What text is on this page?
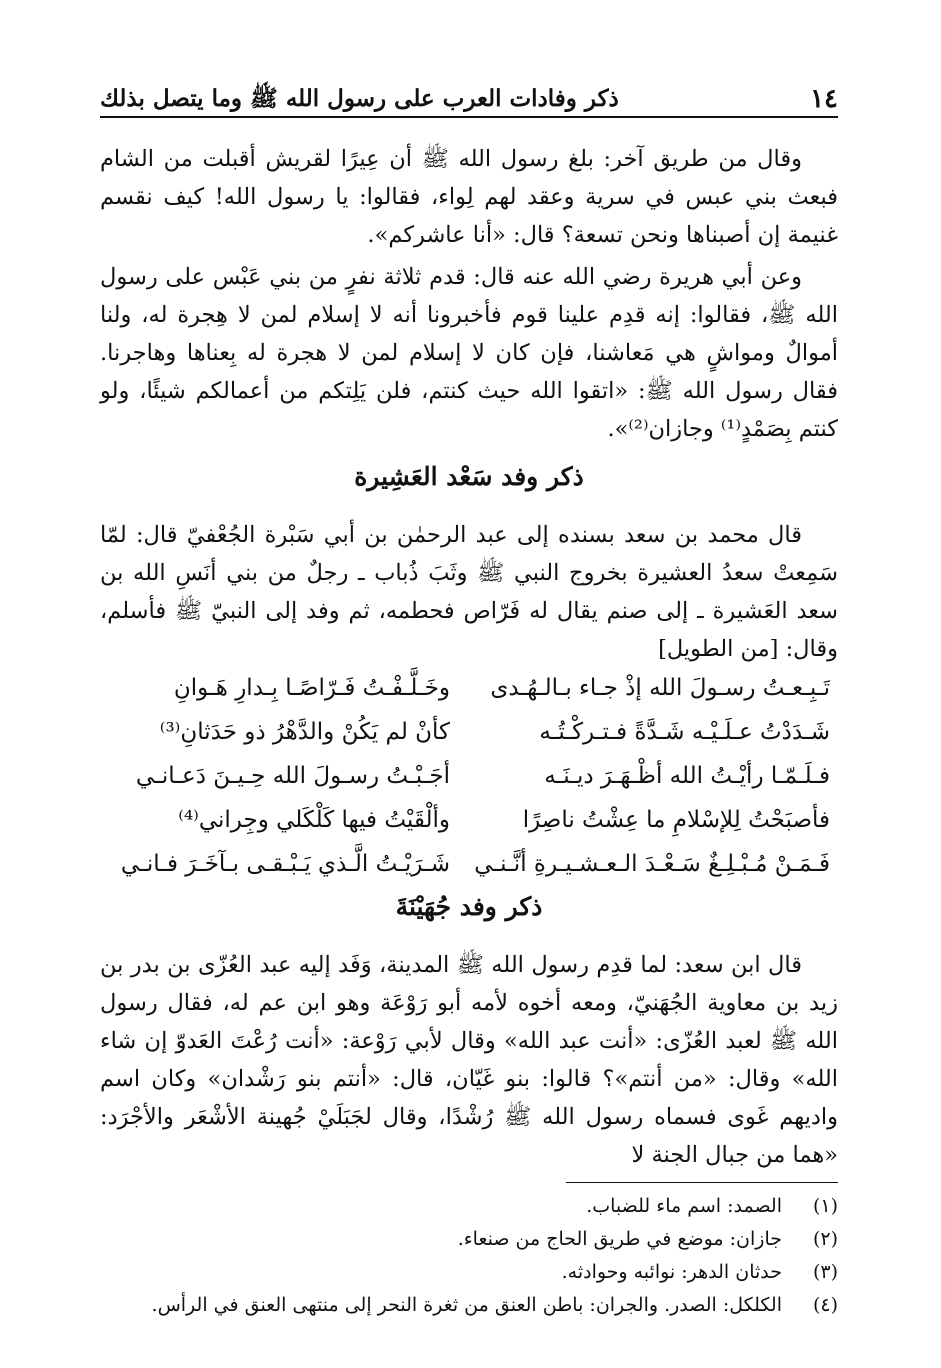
١٤
ذكر وفادات العرب على رسول الله ﷺ وما يتصل بذلك

وقال من طريق آخر: بلغ رسول الله ﷺ أن عِيرًا لقريش أقبلت من الشام فبعث بني عبس في سرية وعقد لهم لِواء، فقالوا: يا رسول الله! كيف نقسم غنيمة إن أصبناها ونحن تسعة؟ قال: «أنا عاشركم».

وعن أبي هريرة رضي الله عنه قال: قدم ثلاثة نفرٍ من بني عَبْس على رسول الله ﷺ، فقالوا: إنه قدِم علينا قوم فأخبرونا أنه لا إسلام لمن لا هِجرة له، ولنا أموالٌ ومواشٍ هي مَعاشنا، فإن كان لا إسلام لمن لا هجرة له بِعناها وهاجرنا. فقال رسول الله ﷺ: «اتقوا الله حيث كنتم، فلن يَلِتكم من أعمالكم شيئًا، ولو كنتم بِصَمْدٍ⁽¹⁾ وجازان⁽²⁾».

ذكر وفد سَعْد العَشِيرة

قال محمد بن سعد بسنده إلى عبد الرحمٰن بن أبي سَبْرة الجُعْفيّ قال: لمّا سَمِعتْ سعدُ العشيرة بخروج النبي ﷺ وثَبَ ذُباب ـ رجلٌ من بني أنَسِ الله بن سعد العَشيرة ـ إلى صنم يقال له فَرّاص فحطمه، ثم وفد إلى النبيّ ﷺ فأسلم، وقال: [من الطويل]

تَـبِـعـتُ رسـولَ الله إذْ جـاء بـالـهُـدى
وخَـلَّـفْـتُ فَـرّاصًـا بِـدارِ هَـوانِ
شَـدَدْتُ عـلَـيْـه شَـدَّةً فـتـركْـتُـه
كأنْ لم يَكُنْ والدَّهْرُ ذو حَدَثانِ⁽³⁾
فـلَـمّـا رأيْـتُ الله أظْـهَـرَ ديـنَـه
أجَـبْـتُ رسـولَ الله حِـيـنَ دَعـانـي
فأصبَحْتُ لِلإسْلامِ ما عِشْتُ ناصِرًا
وألْقَيْتُ فيها كَلْكَلي وجِراني⁽⁴⁾
فَـمَـنْ مُـبْـلِـغٌ سَـعْـدَ الـعـشـيـرةِ أنَّـنـي
شَـرَيْـتُ الَّـذي يَـبْـقـى بـآخَـرَ فـانـي
ذكر وفد جُهَيْنَةَ

قال ابن سعد: لما قدِم رسول الله ﷺ المدينة، وَفَد إليه عبد العُزّى بن بدر بن زيد بن معاوية الجُهَنيّ، ومعه أخوه لأمه أبو رَوْعَة وهو ابن عم له، فقال رسول الله ﷺ لعبد العُزّى: «أنت عبد الله» وقال لأبي رَوْعة: «أنت رُعْتَ العَدوّ إن شاء الله» وقال: «من أنتم»؟ قالوا: بنو غَيّان، قال: «أنتم بنو رَشْدان» وكان اسم واديهم غَوى فسماه رسول الله ﷺ رُشْدًا، وقال لجَبَلَيْ جُهينة الأشْعَر والأجْرَد: «هما من جبال الجنة لا

(١)
الصمد: اسم ماء للضباب.
(٢)
جازان: موضع في طريق الحاج من صنعاء.
(٣)
حدثان الدهر: نوائبه وحوادثه.
(٤)
الكلكل: الصدر. والجران: باطن العنق من ثغرة النحر إلى منتهى العنق في الرأس.
